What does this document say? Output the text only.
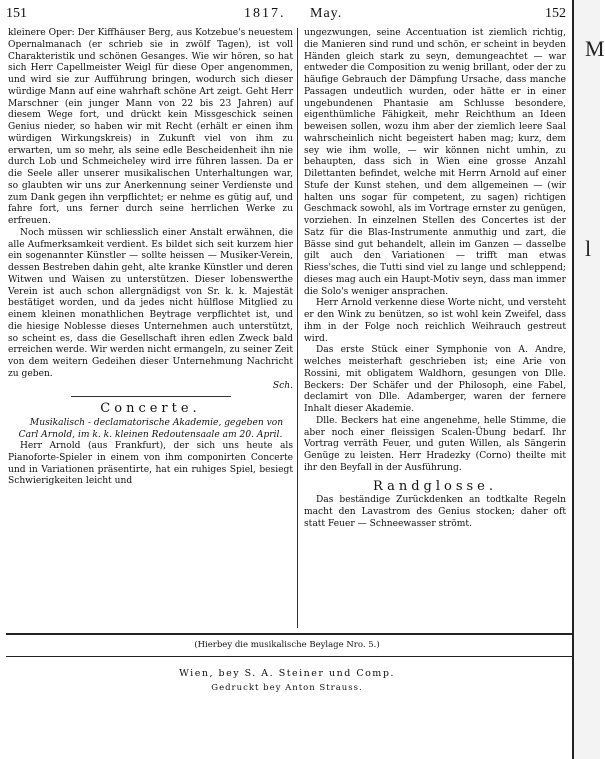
151	1817. May.	152

kleinere Oper: Der Kiffhäuser Berg, aus Kotzebue's neuestem Opernalmanach (er schrieb sie in zwölf Tagen), ist voll Charakteristik und schönen Gesanges. Wie wir hören, so hat sich Herr Capellmeister Weigl für diese Oper angenommen, und wird sie zur Aufführung bringen, wodurch sich dieser würdige Mann auf eine wahrhaft schöne Art zeigt. Geht Herr Marschner (ein junger Mann von 22 bis 23 Jahren) auf diesem Wege fort, und drückt kein Missgeschick seinen Genius nieder, so haben wir mit Recht (erhält er einen ihm würdigen Wirkungskreis) in Zukunft viel von ihm zu erwarten, um so mehr, als seine edle Bescheidenheit ihn nie durch Lob und Schmeicheley wird irre führen lassen. Da er die Seele aller unserer musikalischen Unterhaltungen war, so glaubten wir uns zur Anerkennung seiner Verdienste und zum Dank gegen ihn verpflichtet; er nehme es gütig auf, und fahre fort, uns ferner durch seine herrlichen Werke zu erfreuen.

Noch müssen wir schliesslich einer Anstalt erwähnen, die alle Aufmerksamkeit verdient. Es bildet sich seit kurzem hier ein sogenannter Künstler — sollte heissen — Musiker-Verein, dessen Bestreben dahin geht, alte kranke Künstler und deren Witwen und Waisen zu unterstützen. Dieser lobenswerthe Verein ist auch schon allergnädigst von Sr. k. k. Majestät bestätiget worden, und da jedes nicht hülflose Mitglied zu einem kleinen monathlichen Beytrage verpflichtet ist, und die hiesige Noblesse dieses Unternehmen auch unterstützt, so scheint es, dass die Gesellschaft ihren edlen Zweck bald erreichen werde. Wir werden nicht ermangeln, zu seiner Zeit von dem weitern Gedeihen dieser Unternehmung Nachricht zu geben.

Sch.
Concerte.

Musikalisch - declamatorische Akademie, gegeben von Carl Arnold, im k. k. kleinen Redoutensaale am 20. April.

Herr Arnold (aus Frankfurt), der sich uns heute als Pianoforte-Spieler in einem von ihm componirten Concerte und in Variationen präsentirte, hat ein ruhiges Spiel, besiegt Schwierigkeiten leicht und

ungezwungen, seine Accentuation ist ziemlich richtig, die Manieren sind rund und schön, er scheint in beyden Händen gleich stark zu seyn, demungeachtet — war entweder die Composition zu wenig brillant, oder der zu häufige Gebrauch der Dämpfung Ursache, dass manche Passagen undeutlich wurden, oder hätte er in einer ungebundenen Phantasie am Schlusse besondere, eigenthümliche Fähigkeit, mehr Reichthum an Ideen beweisen sollen, wozu ihm aber der ziemlich leere Saal wahrscheinlich nicht begeistert haben mag; kurz, dem sey wie ihm wolle, — wir können nicht umhin, zu behaupten, dass sich in Wien eine grosse Anzahl Dilettanten befindet, welche mit Herrn Arnold auf einer Stufe der Kunst stehen, und dem allgemeinen — (wir halten uns sogar für competent, zu sagen) richtigen Geschmack sowohl, als im Vortrage ernster zu genügen, vorziehen. In einzelnen Stellen des Concertes ist der Satz für die Blas-Instrumente anmuthig und zart, die Bässe sind gut behandelt, allein im Ganzen — dasselbe gilt auch den Variationen — trifft man etwas Riess'sches, die Tutti sind viel zu lange und schleppend; dieses mag auch ein Haupt-Motiv seyn, dass man immer die Solo's weniger ansprachen.

Herr Arnold verkenne diese Worte nicht, und versteht er den Wink zu benützen, so ist wohl kein Zweifel, dass ihm in der Folge noch reichlich Weihrauch gestreut wird.

Das erste Stück einer Symphonie von A. Andre, welches meisterhaft geschrieben ist; eine Arie von Rossini, mit obligatem Waldhorn, gesungen von Dlle. Beckers: Der Schäfer und der Philosoph, eine Fabel, declamirt von Dlle. Adamberger, waren der fernere Inhalt dieser Akademie.

Dlle. Beckers hat eine angenehme, helle Stimme, die aber noch einer fleissigen Scalen-Übung bedarf. Ihr Vortrag verräth Feuer, und guten Willen, als Sängerin Genüge zu leisten. Herr Hradezky (Corno) theilte mit ihr den Beyfall in der Ausführung.

Randglosse.

Das beständige Zurückdenken an todtkalte Regeln macht den Lavastrom des Genius stocken; daher oft statt Feuer — Schneewasser strömt.

(Hierbey die musikalische Beylage Nro. 5.)
Wien, bey S. A. Steiner und Comp.
Gedruckt bey Anton Strauss.
M
l
